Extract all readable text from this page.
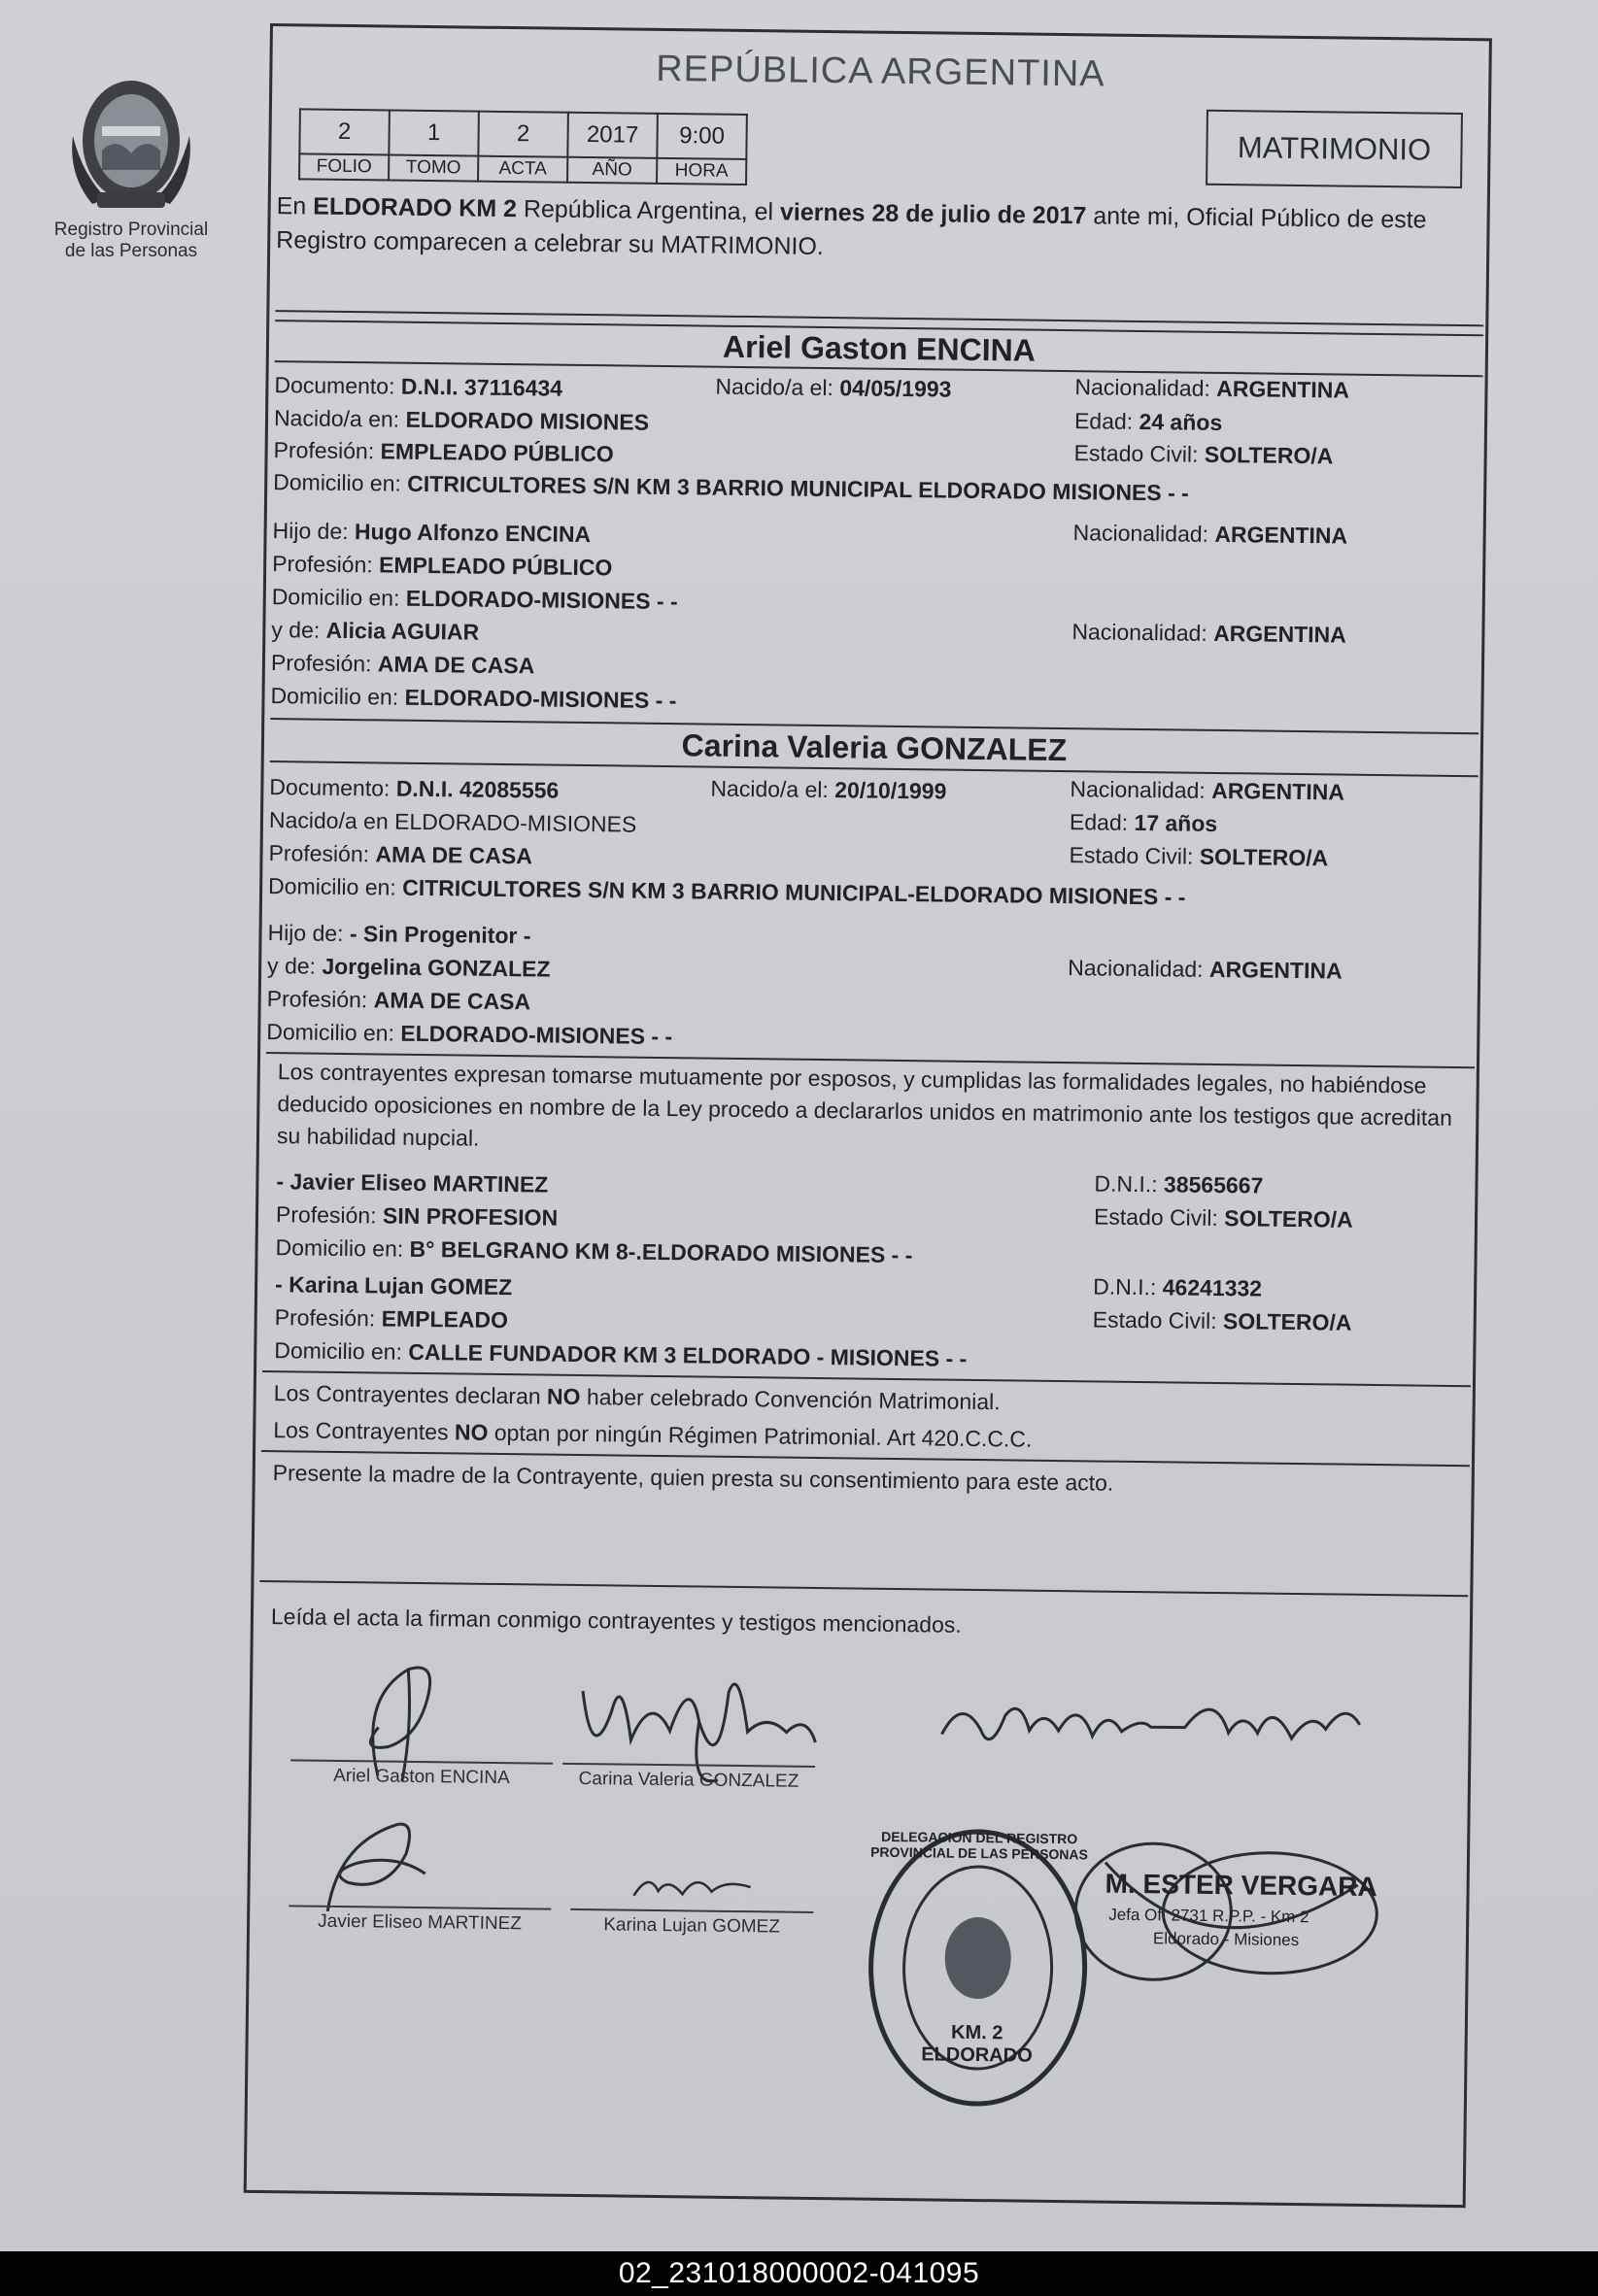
Registro Provincial
de las Personas
REPÚBLICA ARGENTINA
2	1	2	2017	9:00
FOLIO	TOMO	ACTA	AÑO	HORA
MATRIMONIO
En ELDORADO KM 2 República Argentina, el viernes 28 de julio de 2017 ante mi, Oficial Público de este Registro comparecen a celebrar su MATRIMONIO.
Ariel Gaston ENCINA
Documento: D.N.I. 37116434	Nacido/a el: 04/05/1993	Nacionalidad: ARGENTINA
Nacido/a en: ELDORADO MISIONES	Edad: 24 años
Profesión: EMPLEADO PÚBLICO	Estado Civil: SOLTERO/A
Domicilio en: CITRICULTORES S/N KM 3 BARRIO MUNICIPAL ELDORADO MISIONES - -
Hijo de: Hugo Alfonzo ENCINA	Nacionalidad: ARGENTINA
Profesión: EMPLEADO PÚBLICO
Domicilio en: ELDORADO-MISIONES - -
y de: Alicia AGUIAR	Nacionalidad: ARGENTINA
Profesión: AMA DE CASA
Domicilio en: ELDORADO-MISIONES - -
Carina Valeria GONZALEZ
Documento: D.N.I. 42085556	Nacido/a el: 20/10/1999	Nacionalidad: ARGENTINA
Nacido/a en ELDORADO-MISIONES	Edad: 17 años
Profesión: AMA DE CASA	Estado Civil: SOLTERO/A
Domicilio en: CITRICULTORES S/N KM 3 BARRIO MUNICIPAL-ELDORADO MISIONES - -
Hijo de: - Sin Progenitor -
y de: Jorgelina GONZALEZ	Nacionalidad: ARGENTINA
Profesión: AMA DE CASA
Domicilio en: ELDORADO-MISIONES - -
Los contrayentes expresan tomarse mutuamente por esposos, y cumplidas las formalidades legales, no habiéndose deducido oposiciones en nombre de la Ley procedo a declararlos unidos en matrimonio ante los testigos que acreditan su habilidad nupcial.
- Javier Eliseo MARTINEZ	D.N.I.: 38565667
Profesión: SIN PROFESION	Estado Civil: SOLTERO/A
Domicilio en: B° BELGRANO KM 8-.ELDORADO MISIONES - -
- Karina Lujan GOMEZ	D.N.I.: 46241332
Profesión: EMPLEADO	Estado Civil: SOLTERO/A
Domicilio en: CALLE FUNDADOR KM 3 ELDORADO - MISIONES - -
Los Contrayentes declaran NO haber celebrado Convención Matrimonial.
Los Contrayentes NO optan por ningún Régimen Patrimonial. Art 420.C.C.C.
Presente la madre de la Contrayente, quien presta su consentimiento para este acto.
Leída el acta la firman conmigo contrayentes y testigos mencionados.
Ariel Gaston ENCINA	Carina Valeria GONZALEZ
Javier Eliseo MARTINEZ	Karina Lujan GOMEZ
DELEGACION DEL REGISTRO PROVINCIAL DE LAS PERSONAS
KM. 2 ELDORADO
M. ESTER VERGARA
Jefa Of. 2731 R.P.P. - Km 2
Eldorado - Misiones
02_231018000002-041095
